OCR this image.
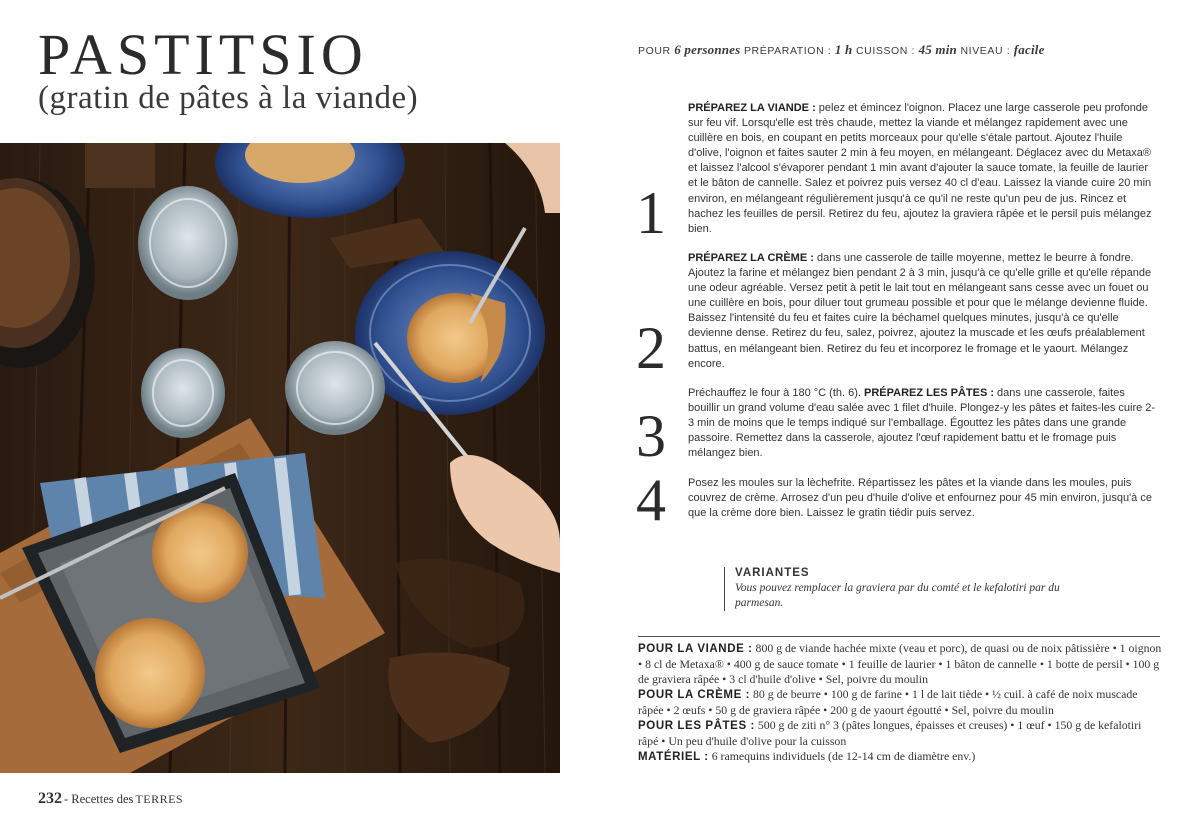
PASTITSIO
(gratin de pâtes à la viande)
232 - Recettes des TERRES
POUR 6 personnes PRÉPARATION : 1 h CUISSON : 45 min NIVEAU : facile
1
PRÉPAREZ LA VIANDE : pelez et émincez l'oignon. Placez une large casserole peu profonde sur feu vif. Lorsqu'elle est très chaude, mettez la viande et mélangez rapidement avec une cuillère en bois, en coupant en petits morceaux pour qu'elle s'étale partout. Ajoutez l'huile d'olive, l'oignon et faites sauter 2 min à feu moyen, en mélangeant. Déglacez avec du Metaxa® et laissez l'alcool s'évaporer pendant 1 min avant d'ajouter la sauce tomate, la feuille de laurier et le bâton de cannelle. Salez et poivrez puis versez 40 cl d'eau. Laissez la viande cuire 20 min environ, en mélangeant régulièrement jusqu'à ce qu'il ne reste qu'un peu de jus. Rincez et hachez les feuilles de persil. Retirez du feu, ajoutez la graviera râpée et le persil puis mélangez bien.
2
PRÉPAREZ LA CRÈME : dans une casserole de taille moyenne, mettez le beurre à fondre. Ajoutez la farine et mélangez bien pendant 2 à 3 min, jusqu'à ce qu'elle grille et qu'elle répande une odeur agréable. Versez petit à petit le lait tout en mélangeant sans cesse avec un fouet ou une cuillère en bois, pour diluer tout grumeau possible et pour que le mélange devienne fluide. Baissez l'intensité du feu et faites cuire la béchamel quelques minutes, jusqu'à ce qu'elle devienne dense. Retirez du feu, salez, poivrez, ajoutez la muscade et les œufs préalablement battus, en mélangeant bien. Retirez du feu et incorporez le fromage et le yaourt. Mélangez encore.
3
Préchauffez le four à 180 °C (th. 6). PRÉPAREZ LES PÂTES : dans une casserole, faites bouillir un grand volume d'eau salée avec 1 filet d'huile. Plongez-y les pâtes et faites-les cuire 2-3 min de moins que le temps indiqué sur l'emballage. Égouttez les pâtes dans une grande passoire. Remettez dans la casserole, ajoutez l'œuf rapidement battu et le fromage puis mélangez bien.
4 Posez les moules sur la lèchefrite. Répartissez les pâtes et la viande dans les moules, puis couvrez de crème. Arrosez d'un peu d'huile d'olive et enfournez pour 45 min environ, jusqu'à ce que la crème dore bien. Laissez le gratin tiédir puis servez.
VARIANTES
Vous pouvez remplacer la graviera par du comté et le kefalotiri par du parmesan.
POUR LA VIANDE : 800 g de viande hachée mixte (veau et porc), de quasi ou de noix pâtissière • 1 oignon • 8 cl de Metaxa® • 400 g de sauce tomate • 1 feuille de laurier • 1 bâton de cannelle • 1 botte de persil • 100 g de graviera râpée • 3 cl d'huile d'olive • Sel, poivre du moulin
POUR LA CRÈME : 80 g de beurre • 100 g de farine • 1 l de lait tiède • ½ cuil. à café de noix muscade râpée • 2 œufs • 50 g de graviera râpée • 200 g de yaourt égoutté • Sel, poivre du moulin
POUR LES PÂTES : 500 g de ziti n° 3 (pâtes longues, épaisses et creuses) • 1 œuf • 150 g de kefalotiri râpé • Un peu d'huile d'olive pour la cuisson
MATÉRIEL : 6 ramequins individuels (de 12-14 cm de diamètre env.)
